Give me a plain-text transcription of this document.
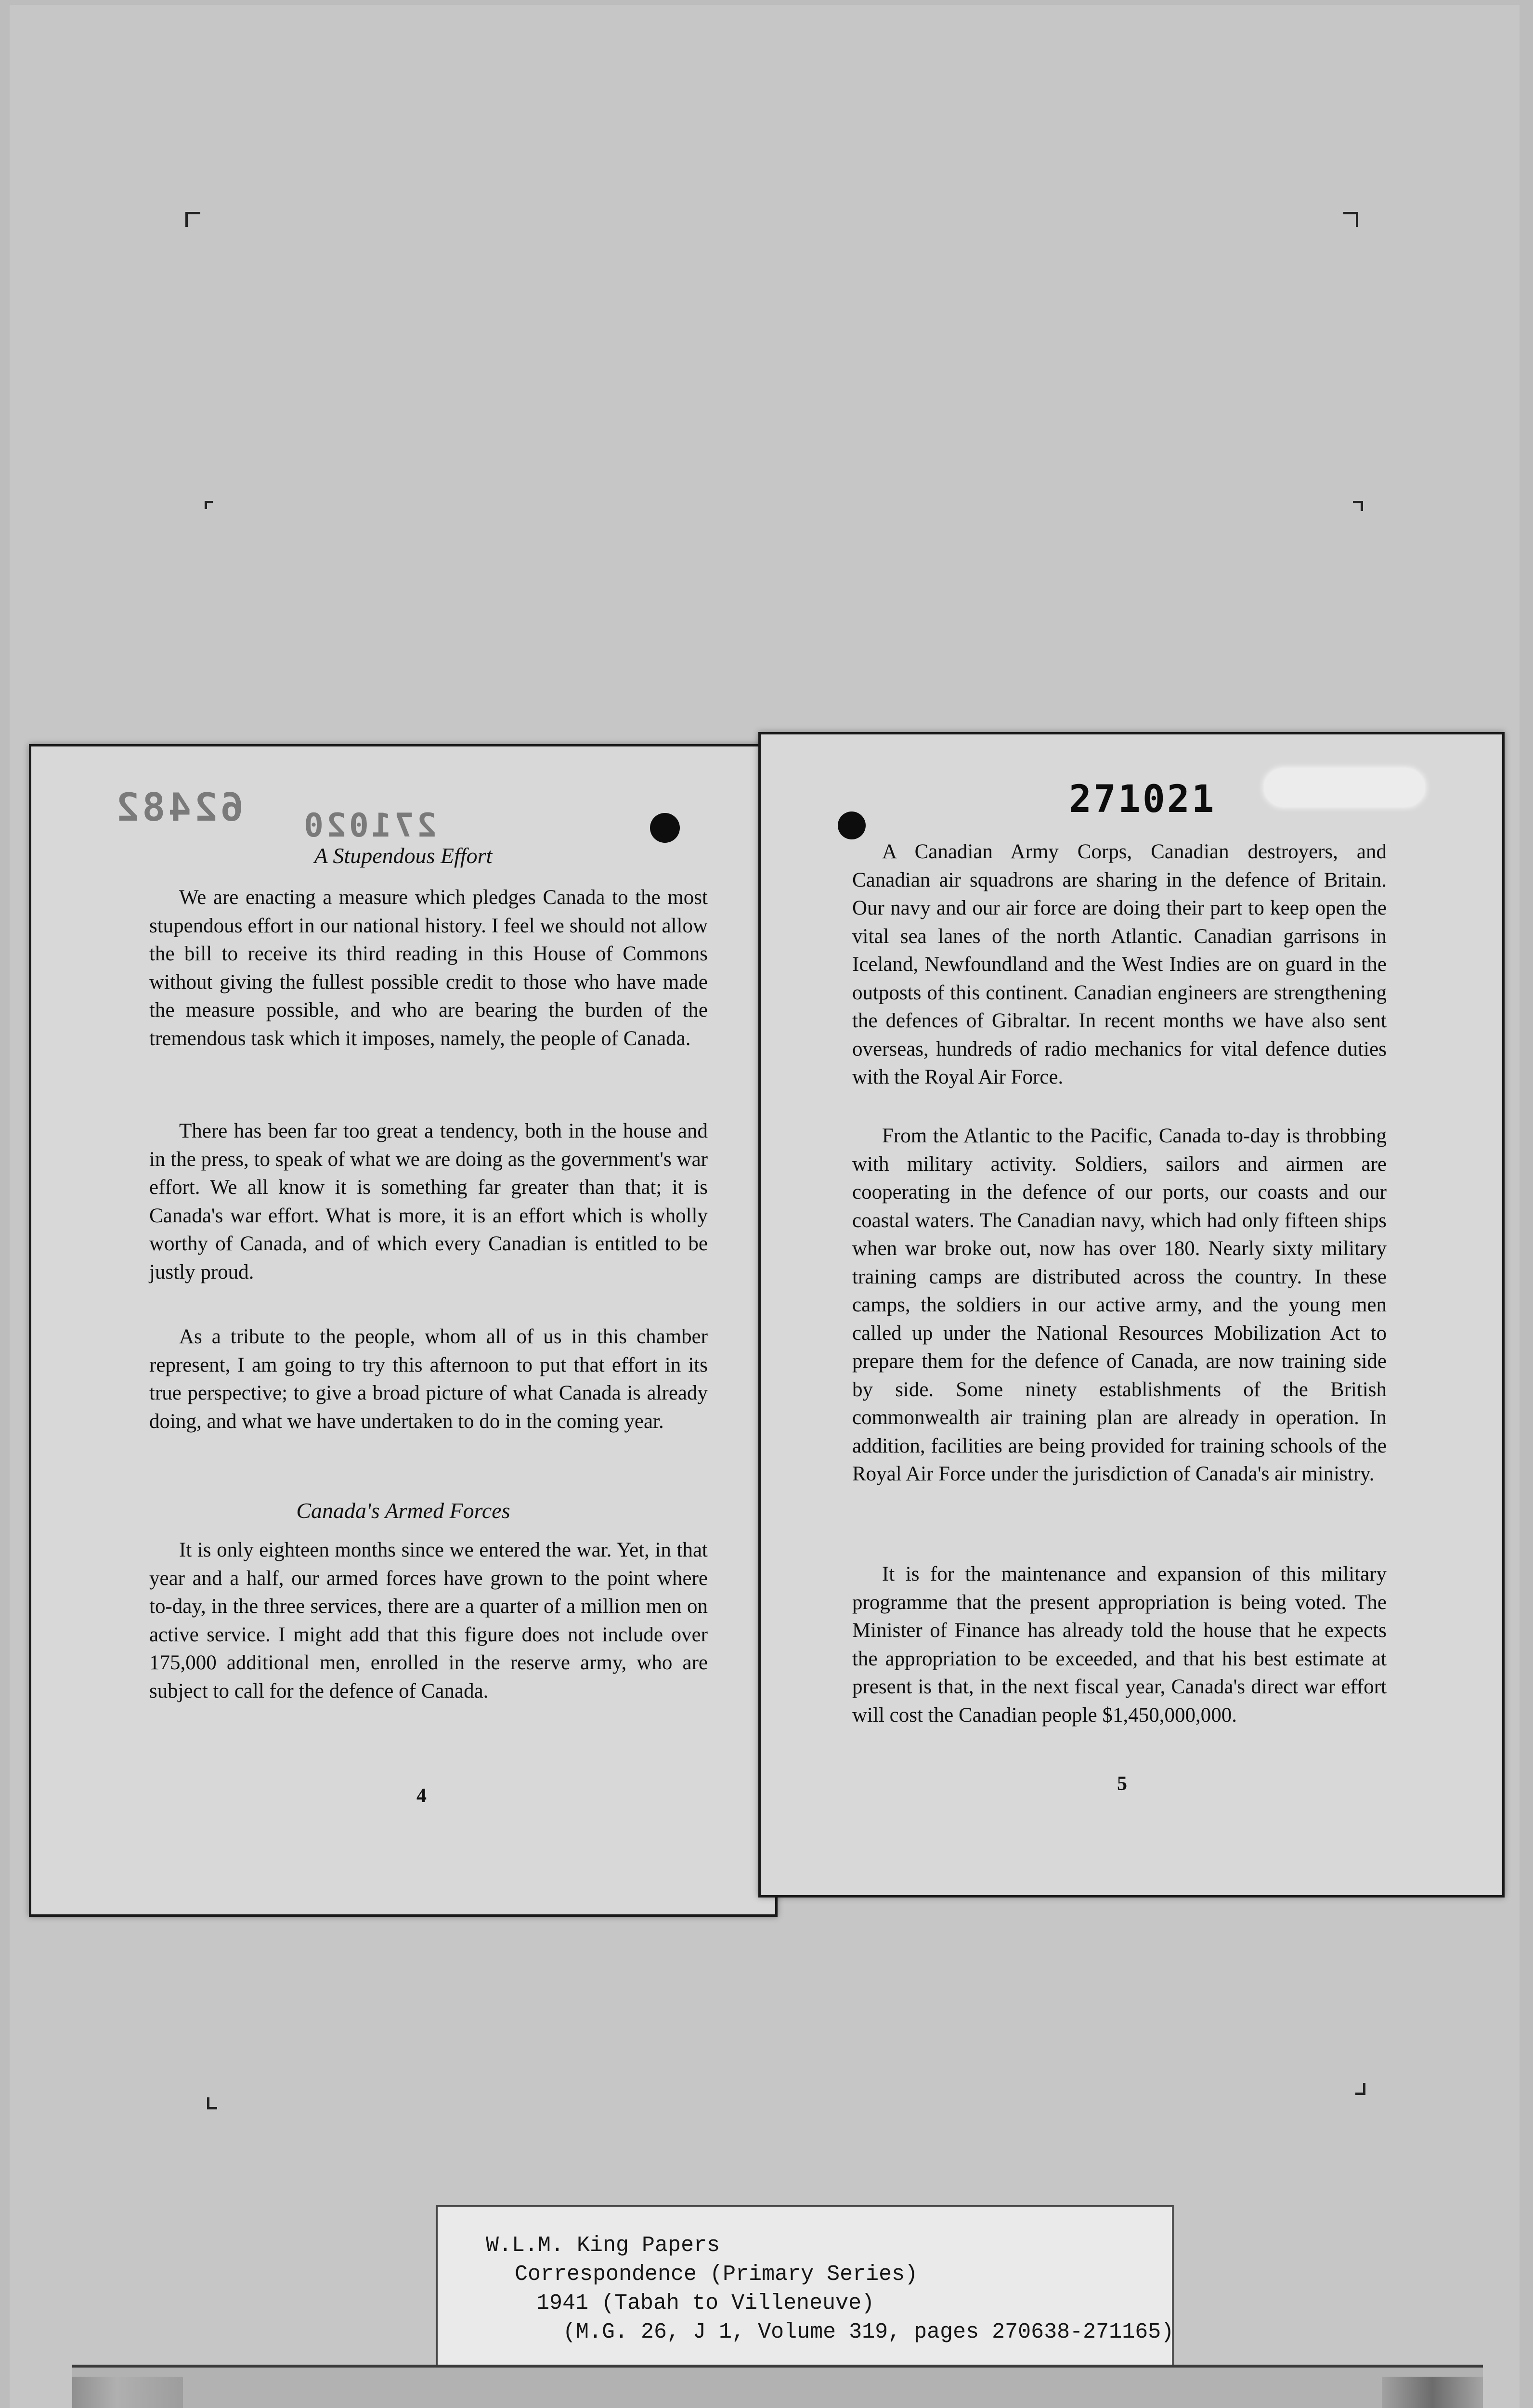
62482 271020
A Stupendous Effort

We are enacting a measure which pledges Canada to the most stupendous effort in our national history. I feel we should not allow the bill to receive its third reading in this House of Commons without giving the fullest possible credit to those who have made the measure possible, and who are bearing the burden of the tremendous task which it imposes, namely, the people of Canada.

There has been far too great a tendency, both in the house and in the press, to speak of what we are doing as the government's war effort. We all know it is something far greater than that; it is Canada's war effort. What is more, it is an effort which is wholly worthy of Canada, and of which every Canadian is entitled to be justly proud.

As a tribute to the people, whom all of us in this chamber represent, I am going to try this afternoon to put that effort in its true perspective; to give a broad picture of what Canada is already doing, and what we have undertaken to do in the coming year.

Canada's Armed Forces

It is only eighteen months since we entered the war. Yet, in that year and a half, our armed forces have grown to the point where to-day, in the three services, there are a quarter of a million men on active service. I might add that this figure does not include over 175,000 additional men, enrolled in the reserve army, who are subject to call for the defence of Canada.

4
271021

A Canadian Army Corps, Canadian destroyers, and Canadian air squadrons are sharing in the defence of Britain. Our navy and our air force are doing their part to keep open the vital sea lanes of the north Atlantic. Canadian garrisons in Iceland, Newfoundland and the West Indies are on guard in the outposts of this continent. Canadian engineers are strengthening the defences of Gibraltar. In recent months we have also sent overseas, hundreds of radio mechanics for vital defence duties with the Royal Air Force.

From the Atlantic to the Pacific, Canada to-day is throbbing with military activity. Soldiers, sailors and airmen are cooperating in the defence of our ports, our coasts and our coastal waters. The Canadian navy, which had only fifteen ships when war broke out, now has over 180. Nearly sixty military training camps are distributed across the country. In these camps, the soldiers in our active army, and the young men called up under the National Resources Mobilization Act to prepare them for the defence of Canada, are now training side by side. Some ninety establishments of the British commonwealth air training plan are already in operation. In addition, facilities are being provided for training schools of the Royal Air Force under the jurisdiction of Canada's air ministry.

It is for the maintenance and expansion of this military programme that the present appropriation is being voted. The Minister of Finance has already told the house that he expects the appropriation to be exceeded, and that his best estimate at present is that, in the next fiscal year, Canada's direct war effort will cost the Canadian people $1,450,000,000.

5
W.L.M. King Papers
Correspondence (Primary Series)
1941 (Tabah to Villeneuve)
(M.G. 26, J 1, Volume 319, pages 270638-271165)
